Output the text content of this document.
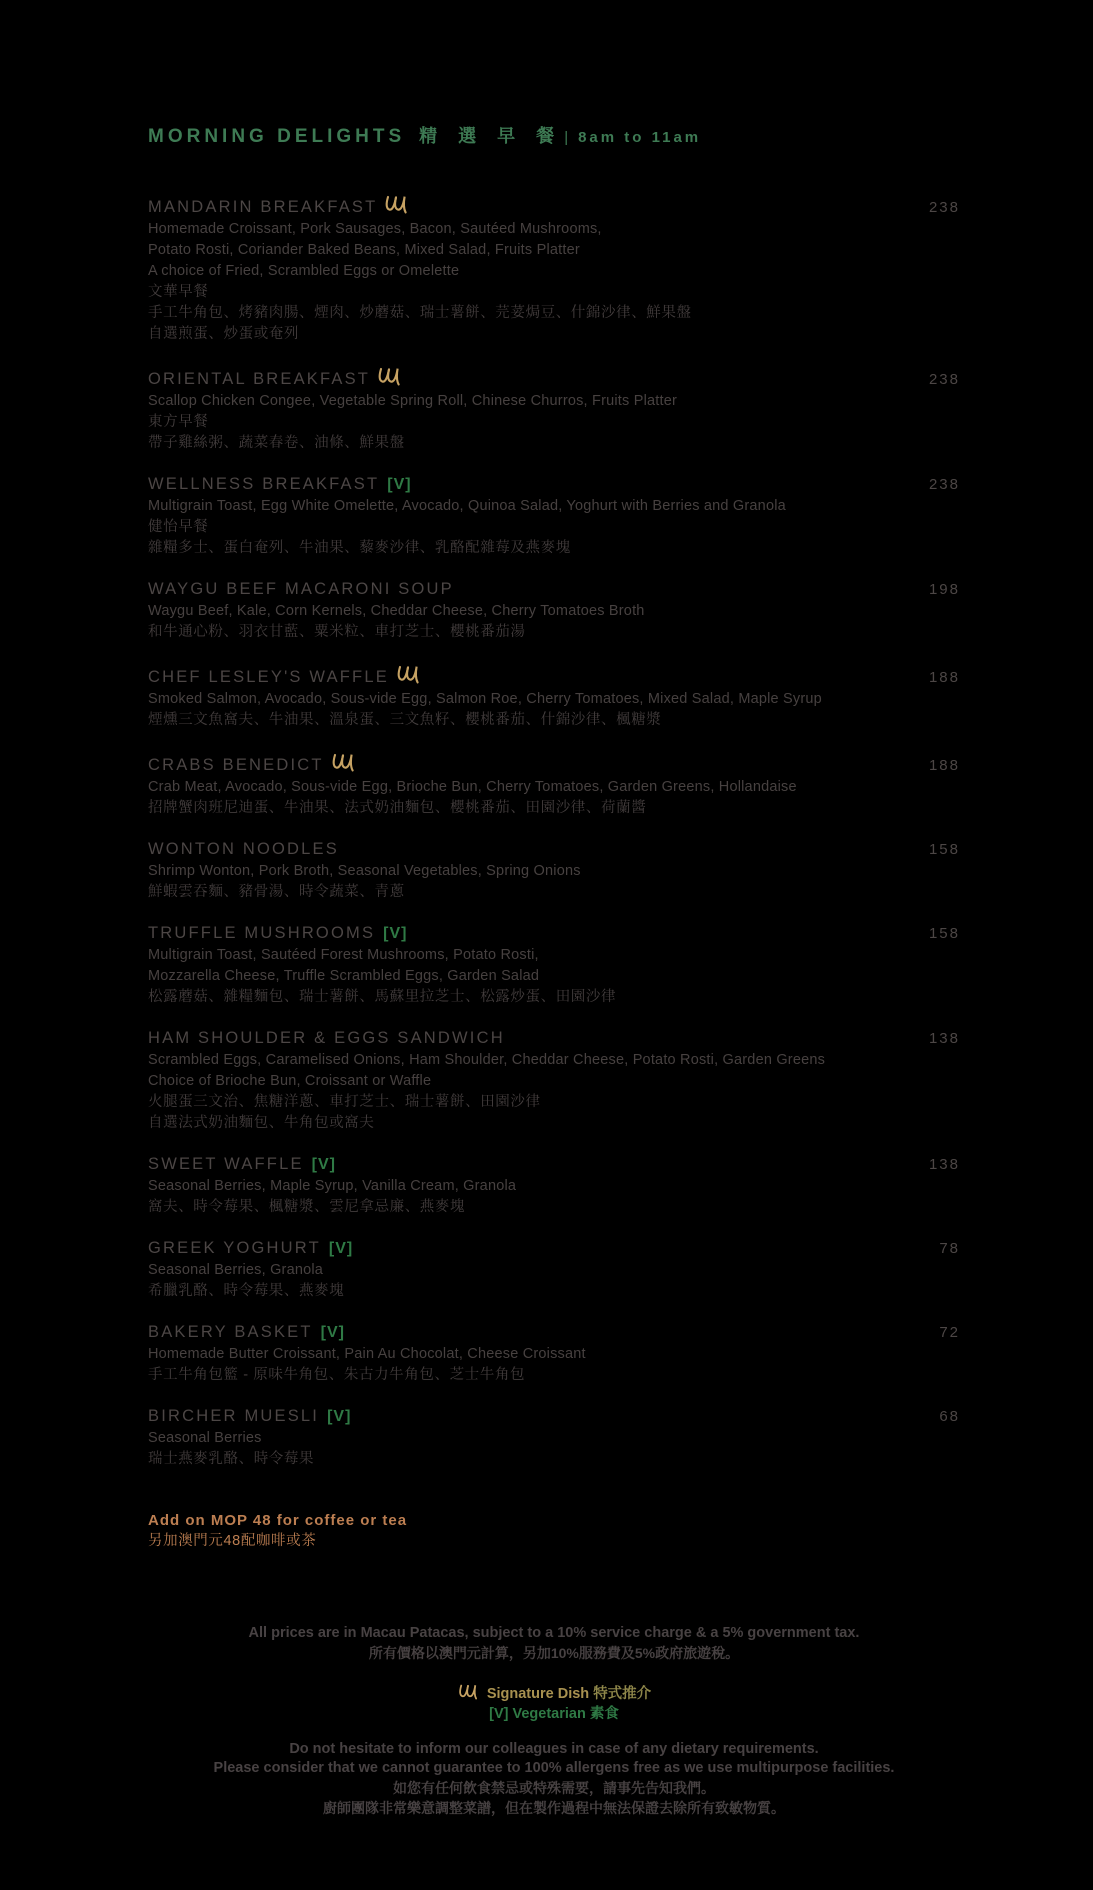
MORNING DELIGHTS 精 選 早 餐 | 8am to 11am
MANDARIN BREAKFAST	238
Homemade Croissant, Pork Sausages, Bacon, Sautéed Mushrooms,
Potato Rosti, Coriander Baked Beans, Mixed Salad, Fruits Platter
A choice of Fried, Scrambled Eggs or Omelette
文華早餐
手工牛角包、烤豬肉腸、煙肉、炒蘑菇、瑞士薯餅、芫荽焗豆、什錦沙律、鮮果盤
自選煎蛋、炒蛋或奄列
ORIENTAL BREAKFAST	238
Scallop Chicken Congee, Vegetable Spring Roll, Chinese Churros, Fruits Platter
東方早餐
帶子雞絲粥、蔬菜春卷、油條、鮮果盤
WELLNESS BREAKFAST [V]	238
Multigrain Toast, Egg White Omelette, Avocado, Quinoa Salad, Yoghurt with Berries and Granola
健怡早餐
雜糧多士、蛋白奄列、牛油果、藜麥沙律、乳酪配雜莓及燕麥塊
WAYGU BEEF MACARONI SOUP	198
Waygu Beef, Kale, Corn Kernels, Cheddar Cheese, Cherry Tomatoes Broth
和牛通心粉、羽衣甘藍、粟米粒、車打芝士、櫻桃番茄湯
CHEF LESLEY'S WAFFLE	188
Smoked Salmon, Avocado, Sous-vide Egg, Salmon Roe, Cherry Tomatoes, Mixed Salad, Maple Syrup
煙燻三文魚窩夫、牛油果、溫泉蛋、三文魚籽、櫻桃番茄、什錦沙律、楓糖漿
CRABS BENEDICT	188
Crab Meat, Avocado, Sous-vide Egg, Brioche Bun, Cherry Tomatoes, Garden Greens, Hollandaise
招牌蟹肉班尼迪蛋、牛油果、法式奶油麵包、櫻桃番茄、田園沙律、荷蘭醬
WONTON NOODLES	158
Shrimp Wonton, Pork Broth, Seasonal Vegetables, Spring Onions
鮮蝦雲吞麵、豬骨湯、時令蔬菜、青蔥
TRUFFLE MUSHROOMS [V]	158
Multigrain Toast, Sautéed Forest Mushrooms, Potato Rosti,
Mozzarella Cheese, Truffle Scrambled Eggs, Garden Salad
松露蘑菇、雜糧麵包、瑞士薯餅、馬蘇里拉芝士、松露炒蛋、田園沙律
HAM SHOULDER & EGGS SANDWICH	138
Scrambled Eggs, Caramelised Onions, Ham Shoulder, Cheddar Cheese, Potato Rosti, Garden Greens
Choice of Brioche Bun, Croissant or Waffle
火腿蛋三文治、焦糖洋蔥、車打芝士、瑞士薯餅、田園沙律
自選法式奶油麵包、牛角包或窩夫
SWEET WAFFLE [V]	138
Seasonal Berries, Maple Syrup, Vanilla Cream, Granola
窩夫、時令莓果、楓糖漿、雲尼拿忌廉、燕麥塊
GREEK YOGHURT [V]	78
Seasonal Berries, Granola
希臘乳酪、時令莓果、燕麥塊
BAKERY BASKET [V]	72
Homemade Butter Croissant, Pain Au Chocolat, Cheese Croissant
手工牛角包籃 - 原味牛角包、朱古力牛角包、芝士牛角包
BIRCHER MUESLI [V]	68
Seasonal Berries
瑞士燕麥乳酪、時令莓果
Add on MOP 48 for coffee or tea
另加澳門元48配咖啡或茶
All prices are in Macau Patacas, subject to a 10% service charge & a 5% government tax.
所有價格以澳門元計算，另加10%服務費及5%政府旅遊稅。
Signature Dish 特式推介
[V] Vegetarian 素食
Do not hesitate to inform our colleagues in case of any dietary requirements.
Please consider that we cannot guarantee to 100% allergens free as we use multipurpose facilities.
如您有任何飲食禁忌或特殊需要，請事先告知我們。
廚師團隊非常樂意調整菜譜，但在製作過程中無法保證去除所有致敏物質。
